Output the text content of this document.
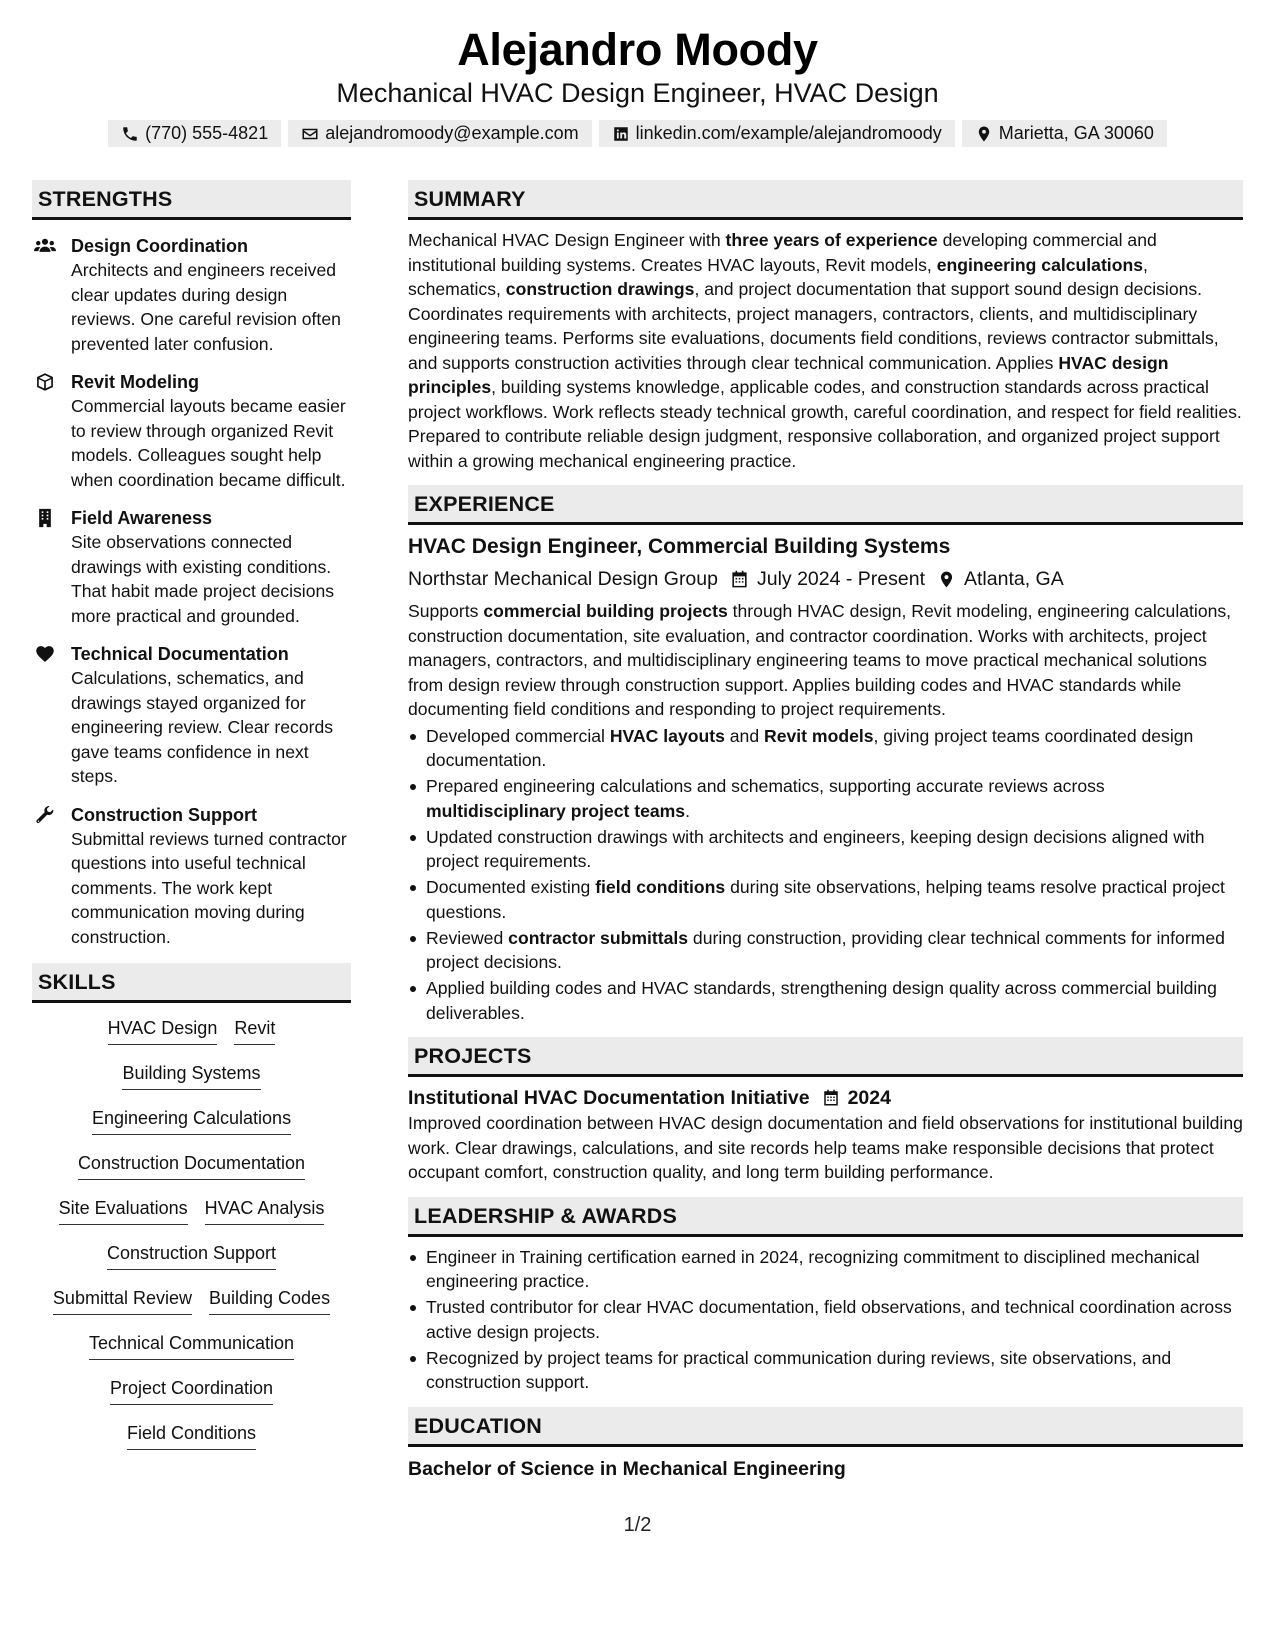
Alejandro Moody
Mechanical HVAC Design Engineer, HVAC Design
(770) 555-4821	alejandromoody@example.com	linkedin.com/example/alejandromoody	Marietta, GA 30060
STRENGTHS
Design Coordination
Architects and engineers received clear updates during design reviews. One careful revision often prevented later confusion.
Revit Modeling
Commercial layouts became easier to review through organized Revit models. Colleagues sought help when coordination became difficult.
Field Awareness
Site observations connected drawings with existing conditions. That habit made project decisions more practical and grounded.
Technical Documentation
Calculations, schematics, and drawings stayed organized for engineering review. Clear records gave teams confidence in next steps.
Construction Support
Submittal reviews turned contractor questions into useful technical comments. The work kept communication moving during construction.
SKILLS
HVAC Design Revit
Building Systems
Engineering Calculations
Construction Documentation
Site Evaluations HVAC Analysis
Construction Support
Submittal Review Building Codes
Technical Communication
Project Coordination
Field Conditions
SUMMARY
Mechanical HVAC Design Engineer with three years of experience developing commercial and institutional building systems. Creates HVAC layouts, Revit models, engineering calculations, schematics, construction drawings, and project documentation that support sound design decisions. Coordinates requirements with architects, project managers, contractors, clients, and multidisciplinary engineering teams. Performs site evaluations, documents field conditions, reviews contractor submittals, and supports construction activities through clear technical communication. Applies HVAC design principles, building systems knowledge, applicable codes, and construction standards across practical project workflows. Work reflects steady technical growth, careful coordination, and respect for field realities. Prepared to contribute reliable design judgment, responsive collaboration, and organized project support within a growing mechanical engineering practice.
EXPERIENCE
HVAC Design Engineer, Commercial Building Systems
Northstar Mechanical Design Group July 2024 - Present Atlanta, GA
Supports commercial building projects through HVAC design, Revit modeling, engineering calculations, construction documentation, site evaluation, and contractor coordination. Works with architects, project managers, contractors, and multidisciplinary engineering teams to move practical mechanical solutions from design review through construction support. Applies building codes and HVAC standards while documenting field conditions and responding to project requirements.
Developed commercial HVAC layouts and Revit models, giving project teams coordinated design documentation.
Prepared engineering calculations and schematics, supporting accurate reviews across multidisciplinary project teams.
Updated construction drawings with architects and engineers, keeping design decisions aligned with project requirements.
Documented existing field conditions during site observations, helping teams resolve practical project questions.
Reviewed contractor submittals during construction, providing clear technical comments for informed project decisions.
Applied building codes and HVAC standards, strengthening design quality across commercial building deliverables.
PROJECTS
Institutional HVAC Documentation Initiative 2024
Improved coordination between HVAC design documentation and field observations for institutional building work. Clear drawings, calculations, and site records help teams make responsible decisions that protect occupant comfort, construction quality, and long term building performance.
LEADERSHIP & AWARDS
Engineer in Training certification earned in 2024, recognizing commitment to disciplined mechanical engineering practice.
Trusted contributor for clear HVAC documentation, field observations, and technical coordination across active design projects.
Recognized by project teams for practical communication during reviews, site observations, and construction support.
EDUCATION
Bachelor of Science in Mechanical Engineering
1/2
